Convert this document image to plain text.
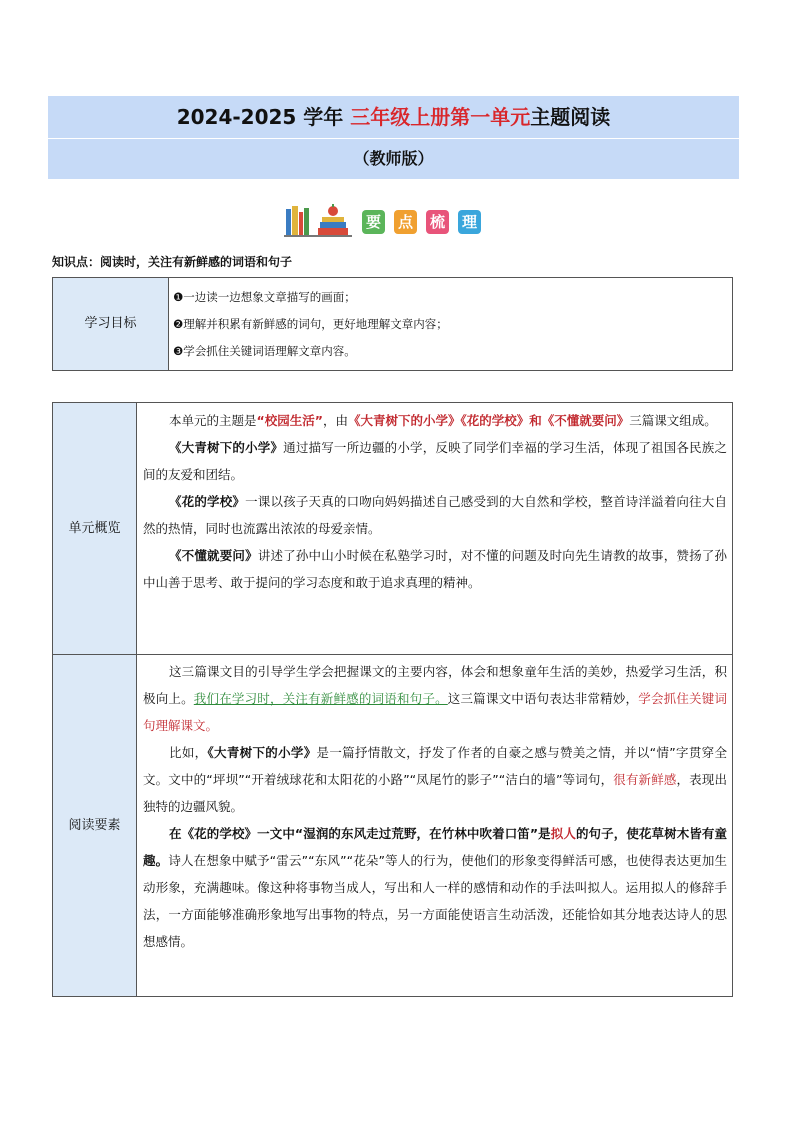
2024-2025 学年 三年级上册第一单元主题阅读
（教师版）
要 点 梳 理
知识点：阅读时，关注有新鲜感的词语和句子
学习目标
❶一边读一边想象文章描写的画面；
❷理解并积累有新鲜感的词句，更好地理解文章内容；
❸学会抓住关键词语理解文章内容。
单元概览

本单元的主题是“校园生活”，由《大青树下的小学》《花的学校》和《不懂就要问》三篇课文组成。

《大青树下的小学》通过描写一所边疆的小学，反映了同学们幸福的学习生活，体现了祖国各民族之间的友爱和团结。

《花的学校》一课以孩子天真的口吻向妈妈描述自己感受到的大自然和学校，整首诗洋溢着向往大自然的热情，同时也流露出浓浓的母爱亲情。

《不懂就要问》讲述了孙中山小时候在私塾学习时，对不懂的问题及时向先生请教的故事，赞扬了孙中山善于思考、敢于提问的学习态度和敢于追求真理的精神。

阅读要素

这三篇课文目的引导学生学会把握课文的主要内容，体会和想象童年生活的美妙，热爱学习生活，积极向上。我们在学习时，关注有新鲜感的词语和句子。这三篇课文中语句表达非常精妙，学会抓住关键词句理解课文。

比如，《大青树下的小学》是一篇抒情散文，抒发了作者的自豪之感与赞美之情，并以“情”字贯穿全文。文中的“坪坝”“开着绒球花和太阳花的小路”“凤尾竹的影子”“洁白的墙”等词句，很有新鲜感，表现出独特的边疆风貌。

在《花的学校》一文中“湿润的东风走过荒野，在竹林中吹着口笛”是拟人的句子，使花草树木皆有童趣。诗人在想象中赋予“雷云”“东风”“花朵”等人的行为，使他们的形象变得鲜活可感，也使得表达更加生动形象，充满趣味。像这种将事物当成人，写出和人一样的感情和动作的手法叫拟人。运用拟人的修辞手法，一方面能够准确形象地写出事物的特点，另一方面能使语言生动活泼，还能恰如其分地表达诗人的思想感情。
